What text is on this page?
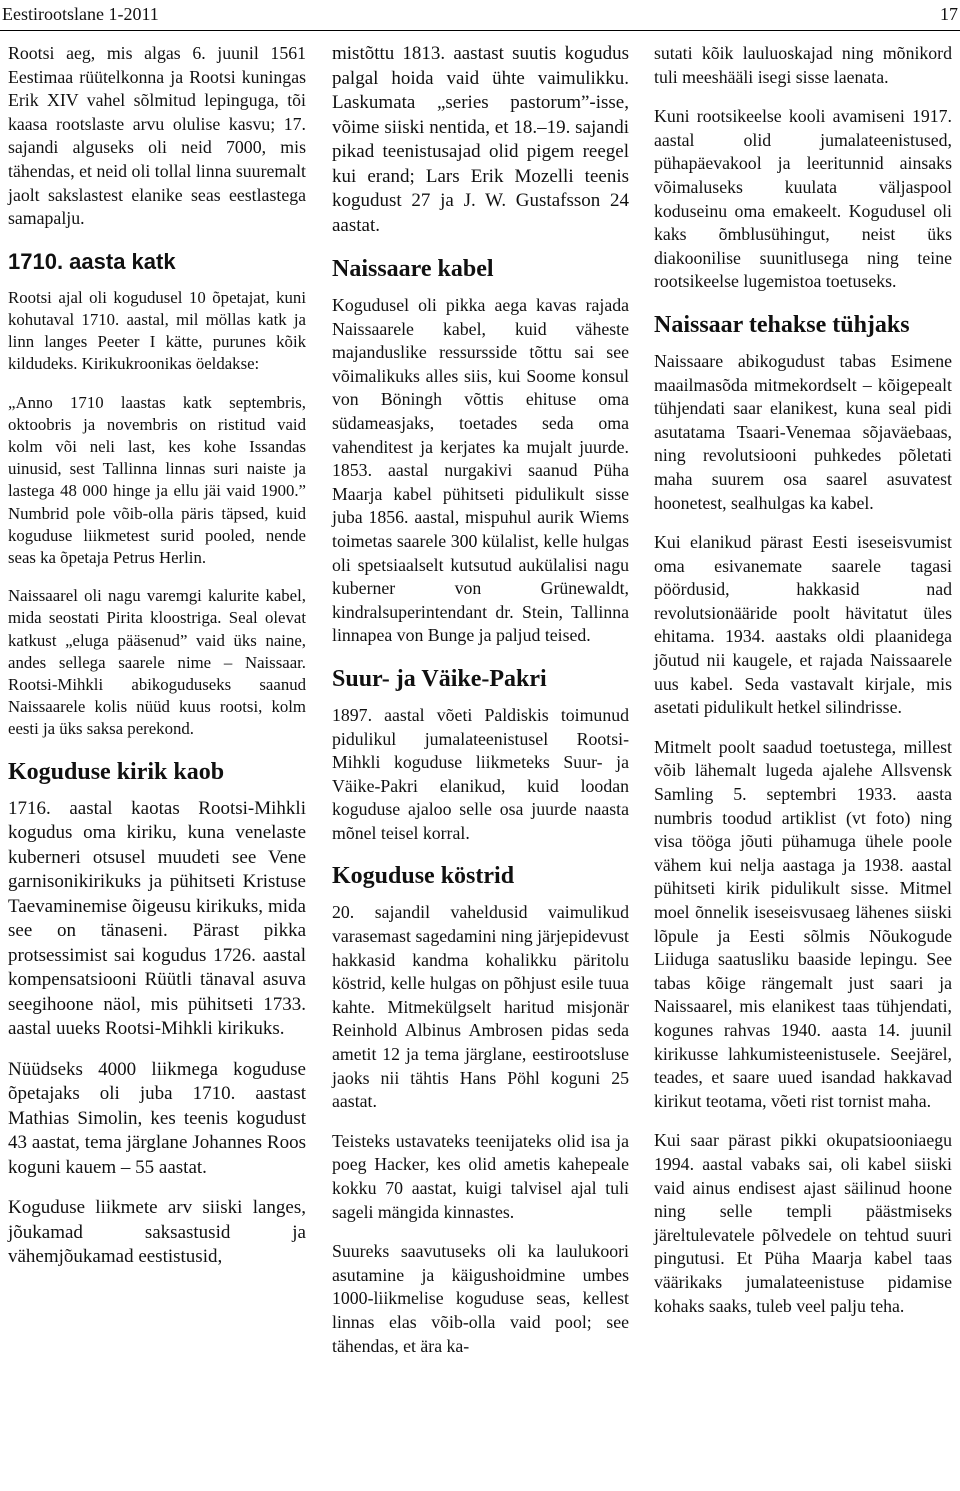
Eestirootslane 1-2011	17

Rootsi aeg, mis algas 6. juunil 1561 Eestimaa rüütelkonna ja Rootsi kuningas Erik XIV vahel sõlmitud lepinguga, tõi kaasa rootslaste arvu olulise kasvu; 17. sajandi alguseks oli neid 7000, mis tähendas, et neid oli tollal linna suuremalt jaolt sakslastest elanike seas eestlastega samapalju.

1710. aasta katk

Rootsi ajal oli kogudusel 10 õpetajat, kuni kohutaval 1710. aastal, mil möllas katk ja linn langes Peeter I kätte, purunes kõik kildudeks. Kirikukroonikas öeldakse:

„Anno 1710 laastas katk septembris, oktoobris ja novembris on ristitud vaid kolm või neli last, kes kohe Issandas uinusid, sest Tallinna linnas suri naiste ja lastega 48 000 hinge ja ellu jäi vaid 1900.” Numbrid pole võib-olla päris täpsed, kuid koguduse liikmetest surid pooled, nende seas ka õpetaja Petrus Herlin.

Naissaarel oli nagu varemgi kalurite kabel, mida seostati Pirita kloostriga. Seal olevat katkust „eluga pääsenud” vaid üks naine, andes sellega saarele nime – Naissaar. Rootsi-Mihkli abikoguduseks saanud Naissaarele kolis nüüd kuus rootsi, kolm eesti ja üks saksa perekond.

Koguduse kirik kaob

1716. aastal kaotas Rootsi-Mihkli kogudus oma kiriku, kuna venelaste kuberneri otsusel muudeti see Vene garnisonikirikuks ja pühitseti Kristuse Taevaminemise õigeusu kirikuks, mida see on tänaseni. Pärast pikka protsessimist sai kogudus 1726. aastal kompensatsiooni Rüütli tänaval asuva seegihoone näol, mis pühitseti 1733. aastal uueks Rootsi-Mihkli kirikuks.

Nüüdseks 4000 liikmega koguduse õpetajaks oli juba 1710. aastast Mathias Simolin, kes teenis kogudust 43 aastat, tema järglane Johannes Roos koguni kauem – 55 aastat.

Koguduse liikmete arv siiski langes, jõukamad saksastusid ja vähemjõukamad eestistusid,

mistõttu 1813. aastast suutis kogudus palgal hoida vaid ühte vaimulikku. Laskumata „series pastorum”-isse, võime siiski nentida, et 18.–19. sajandi pikad teenistusajad olid pigem reegel kui erand; Lars Erik Mozelli teenis kogudust 27 ja J. W. Gustafsson 24 aastat.

Naissaare kabel

Kogudusel oli pikka aega kavas rajada Naissaarele kabel, kuid väheste majanduslike ressursside tõttu sai see võimalikuks alles siis, kui Soome konsul von Böningh võttis ehituse oma südameasjaks, toetades seda oma vahenditest ja kerjates ka mujalt juurde. 1853. aastal nurgakivi saanud Püha Maarja kabel pühitseti pidulikult sisse juba 1856. aastal, mispuhul aurik Wiems toimetas saarele 300 külalist, kelle hulgas oli spetsiaalselt kutsutud aukülalisi nagu kuberner von Grünewaldt, kindralsuperintendant dr. Stein, Tallinna linnapea von Bunge ja paljud teised.

Suur- ja Väike-Pakri

1897. aastal võeti Paldiskis toimunud pidulikul jumalateenistusel Rootsi-Mihkli koguduse liikmeteks Suur- ja Väike-Pakri elanikud, kuid loodan koguduse ajaloo selle osa juurde naasta mõnel teisel korral.

Koguduse köstrid

20. sajandil vaheldusid vaimulikud varasemast sagedamini ning järjepidevust hakkasid kandma kohalikku päritolu köstrid, kelle hulgas on põhjust esile tuua kahte. Mitmekülgselt haritud misjonär Reinhold Albinus Ambrosen pidas seda ametit 12 ja tema järglane, eestirootsluse jaoks nii tähtis Hans Pöhl koguni 25 aastat.

Teisteks ustavateks teenijateks olid isa ja poeg Hacker, kes olid ametis kahepeale kokku 70 aastat, kuigi talvisel ajal tuli sageli mängida kinnastes.

Suureks saavutuseks oli ka laulukoori asutamine ja käigushoidmine umbes 1000-liikmelise koguduse seas, kellest linnas elas võib-olla vaid pool; see tähendas, et ära ka-

sutati kõik lauluoskajad ning mõnikord tuli meeshääli isegi sisse laenata.

Kuni rootsikeelse kooli avamiseni 1917. aastal olid jumalateenistused, pühapäevakool ja leeritunnid ainsaks võimaluseks kuulata väljaspool koduseinu oma emakeelt. Kogudusel oli kaks õmblusühingut, neist üks diakoonilise suunitlusega ning teine rootsikeelse lugemistoa toetuseks.

Naissaar tehakse tühjaks

Naissaare abikogudust tabas Esimene maailmasõda mitmekordselt – kõigepealt tühjendati saar elanikest, kuna seal pidi asutatama Tsaari-Venemaa sõjaväebaas, ning revolutsiooni puhkedes põletati maha suurem osa saarel asuvatest hoonetest, sealhulgas ka kabel.

Kui elanikud pärast Eesti iseseisvumist oma esivanemate saarele tagasi pöördusid, hakkasid nad revolutsionääride poolt hävitatut üles ehitama. 1934. aastaks oldi plaanidega jõutud nii kaugele, et rajada Naissaarele uus kabel. Seda vastavalt kirjale, mis asetati pidulikult hetkel silindrisse.

Mitmelt poolt saadud toetustega, millest võib lähemalt lugeda ajalehe Allsvensk Samling 5. septembri 1933. aasta numbris toodud artiklist (vt foto) ning visa tööga jõuti pühamuga ühele poole vähem kui nelja aastaga ja 1938. aastal pühitseti kirik pidulikult sisse. Mitmel moel õnnelik iseseisvusaeg lähenes siiski lõpule ja Eesti sõlmis Nõukogude Liiduga saatusliku baaside lepingu. See tabas kõige rängemalt just saari ja Naissaarel, mis elanikest taas tühjendati, kogunes rahvas 1940. aasta 14. juunil kirikusse lahkumisteenistusele. Seejärel, teades, et saare uued isandad hakkavad kirikut teotama, võeti rist tornist maha.

Kui saar pärast pikki okupatsiooniaegu 1994. aastal vabaks sai, oli kabel siiski vaid ainus endisest ajast säilinud hoone ning selle templi päästmiseks järeltulevatele põlvedele on tehtud suuri pingutusi. Et Püha Maarja kabel taas väärikaks jumalateenistuse pidamise kohaks saaks, tuleb veel palju teha.
